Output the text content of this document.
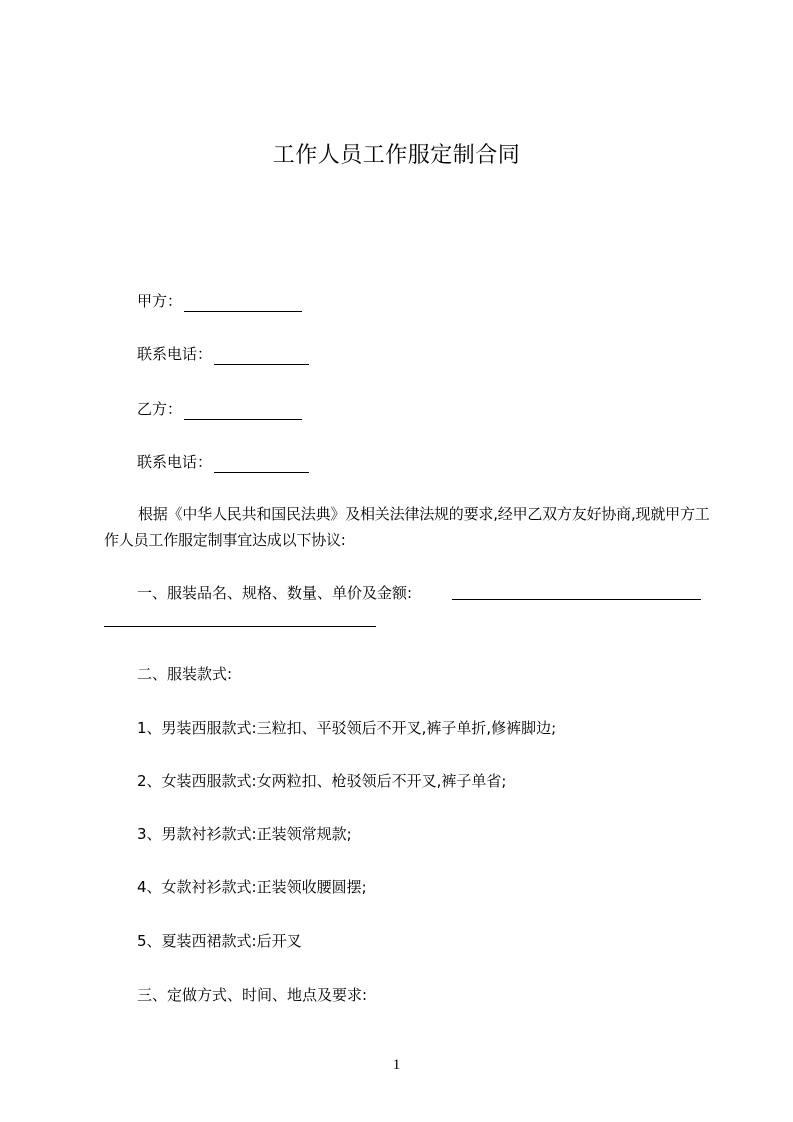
工作人员工作服定制合同
甲方：
联系电话：
乙方：
联系电话：

根据《中华人民共和国民法典》及相关法律法规的要求,经甲乙双方友好协商,现就甲方工作人员工作服定制事宜达成以下协议:

一、服装品名、规格、数量、单价及金额:
二、服装款式:
1、男装西服款式:三粒扣、平驳领后不开叉,裤子单折,修裤脚边;
2、女装西服款式:女两粒扣、枪驳领后不开叉,裤子单省;
3、男款衬衫款式:正装领常规款;
4、女款衬衫款式:正装领收腰圆摆;
5、夏装西裙款式:后开叉
三、定做方式、时间、地点及要求:
1
